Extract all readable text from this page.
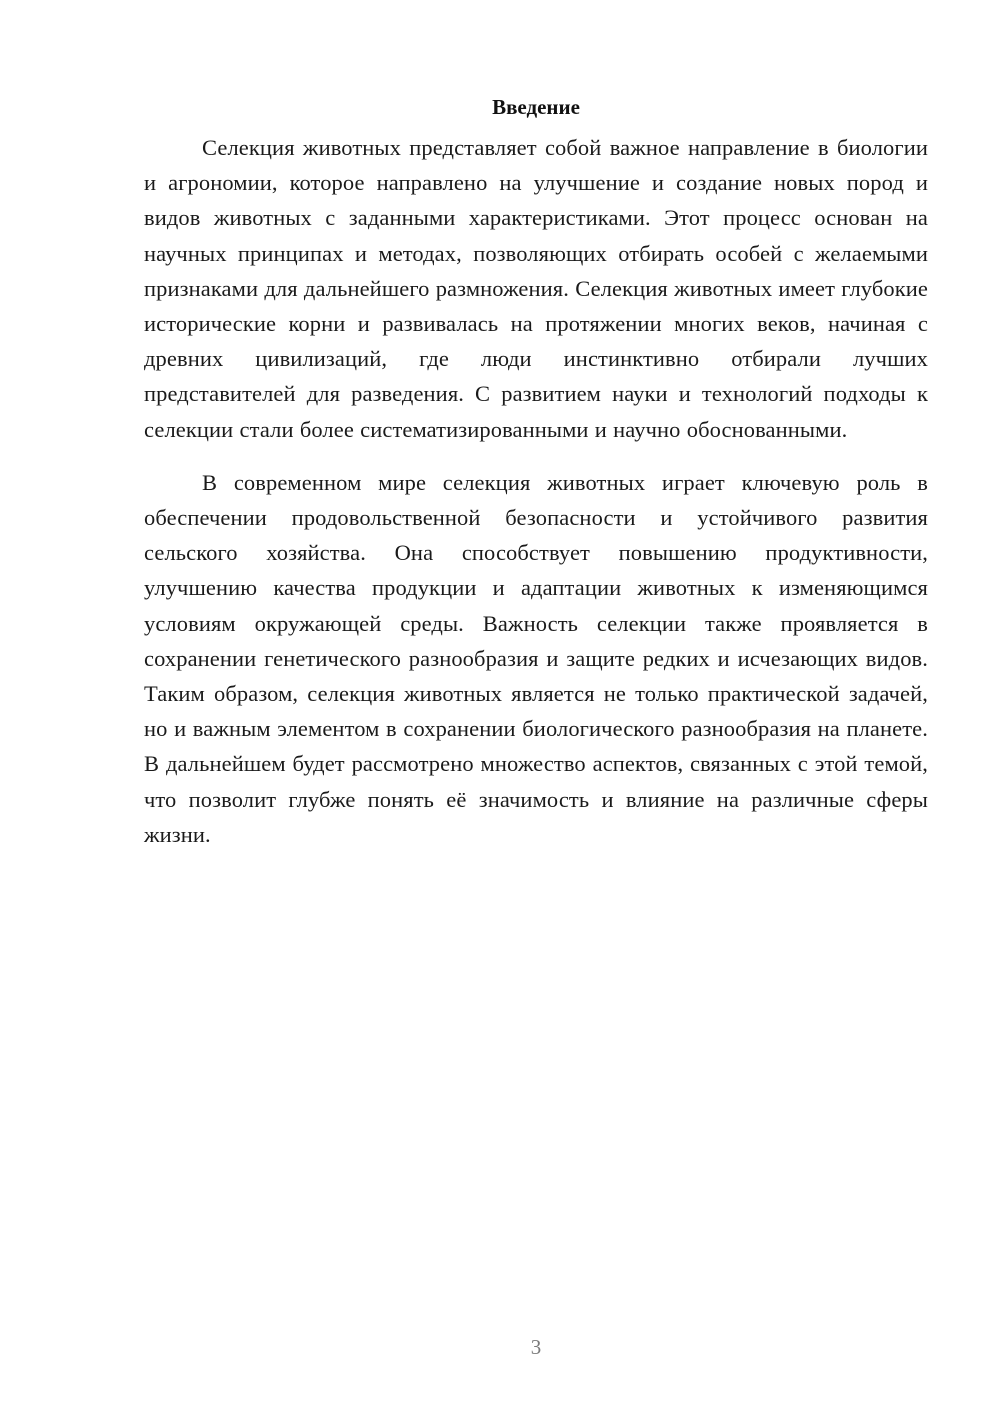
Введение

Селекция животных представляет собой важное направление в биологии и агрономии, которое направлено на улучшение и создание новых пород и видов животных с заданными характеристиками. Этот процесс основан на научных принципах и методах, позволяющих отбирать особей с желаемыми признаками для дальнейшего размножения. Селекция животных имеет глубокие исторические корни и развивалась на протяжении многих веков, начиная с древних цивилизаций, где люди инстинктивно отбирали лучших представителей для разведения. С развитием науки и технологий подходы к селекции стали более систематизированными и научно обоснованными.

В современном мире селекция животных играет ключевую роль в обеспечении продовольственной безопасности и устойчивого развития сельского хозяйства. Она способствует повышению продуктивности, улучшению качества продукции и адаптации животных к изменяющимся условиям окружающей среды. Важность селекции также проявляется в сохранении генетического разнообразия и защите редких и исчезающих видов. Таким образом, селекция животных является не только практической задачей, но и важным элементом в сохранении биологического разнообразия на планете. В дальнейшем будет рассмотрено множество аспектов, связанных с этой темой, что позволит глубже понять её значимость и влияние на различные сферы жизни.

3
